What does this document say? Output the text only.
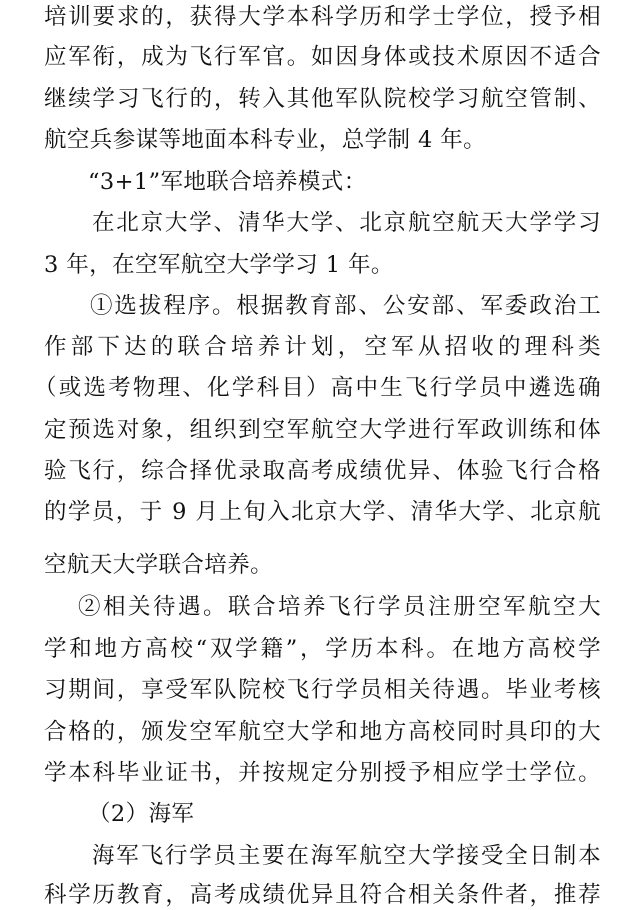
培训要求的，获得大学本科学历和学士学位，授予相
应军衔，成为飞行军官。如因身体或技术原因不适合
继续学习飞行的，转入其他军队院校学习航空管制、
航空兵参谋等地面本科专业，总学制 4 年。
“3+1”军地联合培养模式：
在北京大学、清华大学、北京航空航天大学学习
3 年，在空军航空大学学习 1 年。
①选拔程序。根据教育部、公安部、军委政治工
作部下达的联合培养计划，空军从招收的理科类
（或选考物理、化学科目）高中生飞行学员中遴选确
定预选对象，组织到空军航空大学进行军政训练和体
验飞行，综合择优录取高考成绩优异、体验飞行合格
的学员，于 9 月上旬入北京大学、清华大学、北京航
空航天大学联合培养。
②相关待遇。联合培养飞行学员注册空军航空大
学和地方高校“双学籍”，学历本科。在地方高校学
习期间，享受军队院校飞行学员相关待遇。毕业考核
合格的，颁发空军航空大学和地方高校同时具印的大
学本科毕业证书，并按规定分别授予相应学士学位。
（2）海军
海军飞行学员主要在海军航空大学接受全日制本
科学历教育，高考成绩优异且符合相关条件者，推荐
